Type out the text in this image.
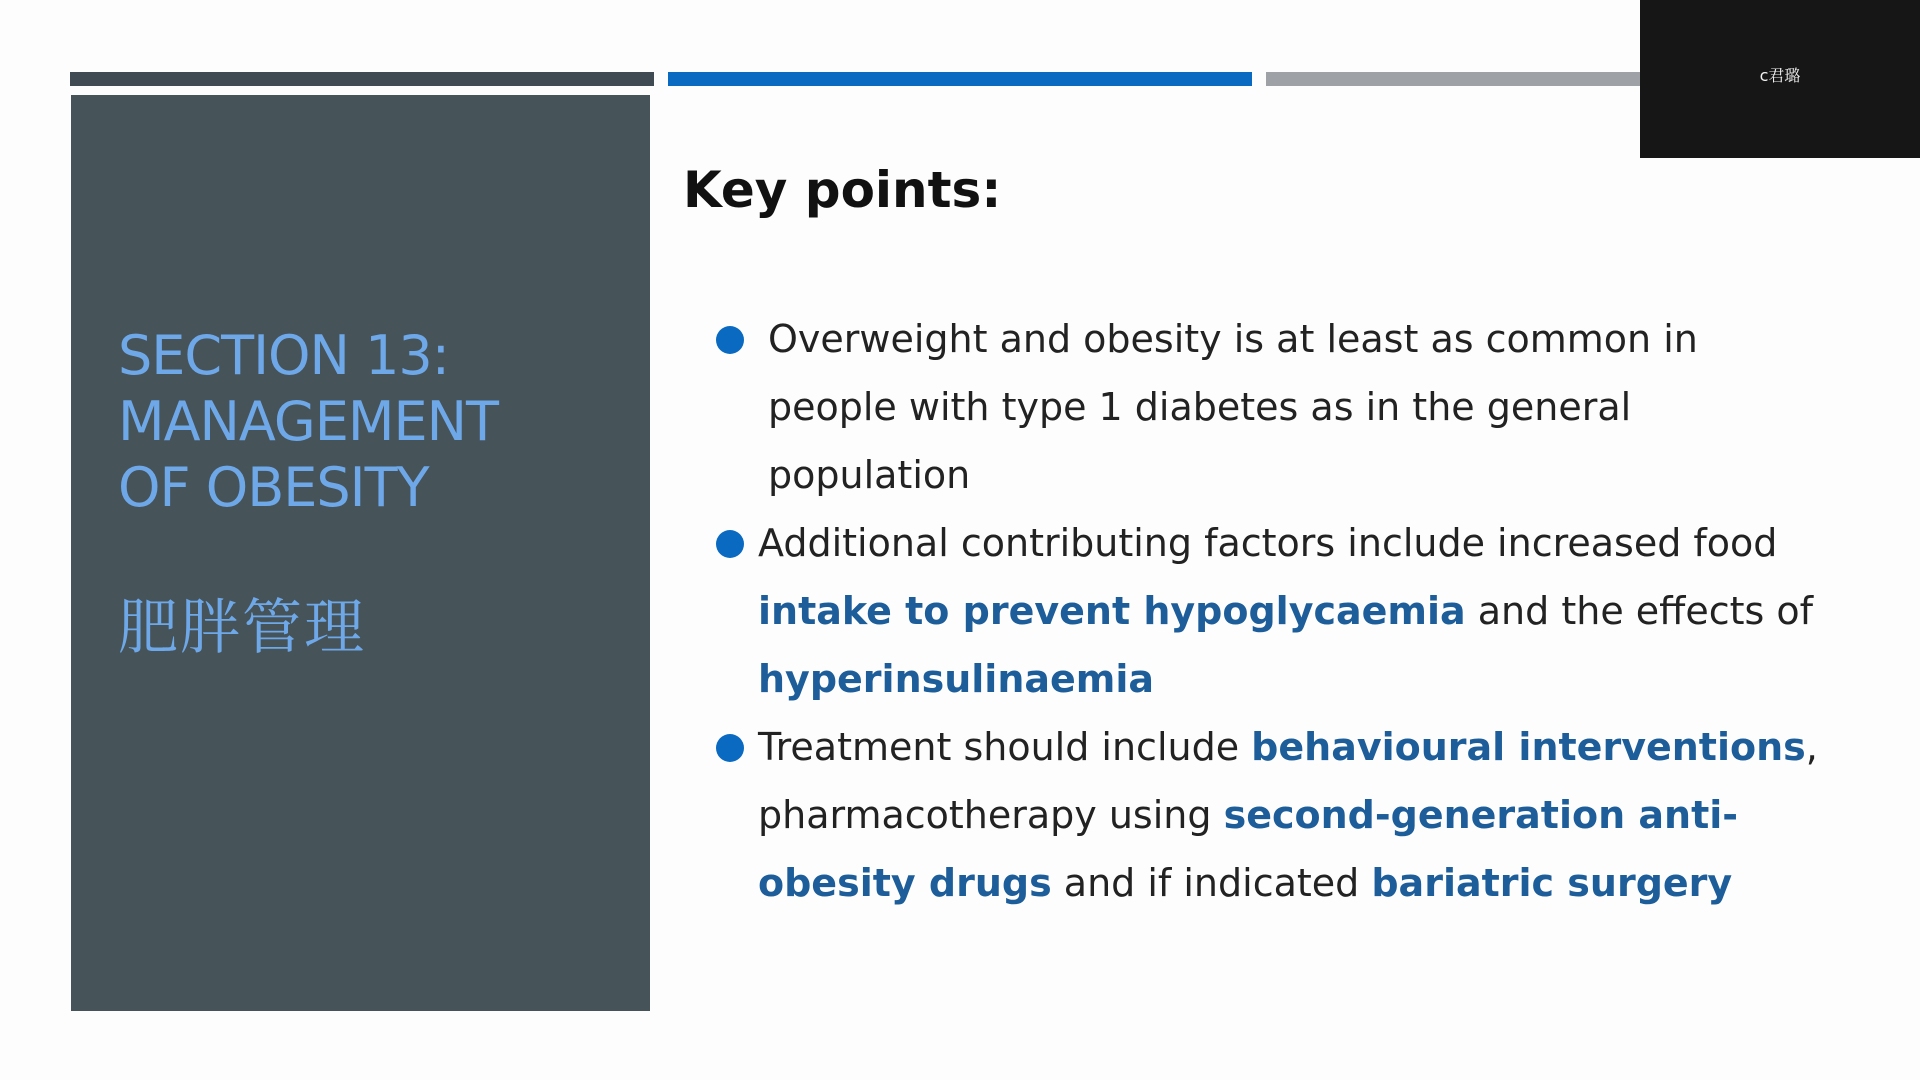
SECTION 13:
MANAGEMENT
OF OBESITY
肥胖管理
Key points:
Overweight and obesity is at least as common in people with type 1 diabetes as in the general population
Additional contributing factors include increased food intake to prevent hypoglycaemia and the effects of hyperinsulinaemia
Treatment should include behavioural interventions, pharmacotherapy using second-generation anti-obesity drugs and if indicated bariatric surgery
c君璐
